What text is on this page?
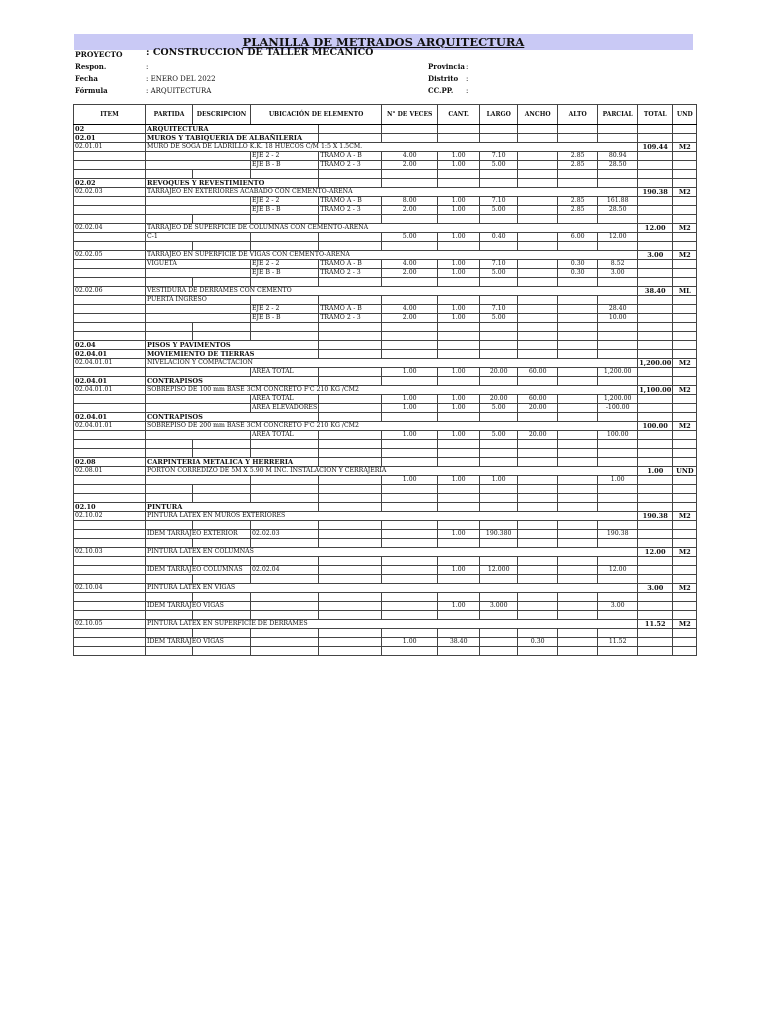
PLANILLA DE METRADOS ARQUITECTURA
PROYECTO : CONSTRUCCION DE TALLER MECANICO
Respon.	:
Fecha	: ENERO DEL 2022
Fórmula	: ARQUITECTURA
Provincia :
Distrito :
CC.PP. :
ITEM	PARTIDA	DESCRIPCION	UBICACIÓN DE ELEMENTO		N° DE VECES	CANT.	LARGO	ANCHO	ALTO	PARCIAL	TOTAL	UND
02	ARQUITECTURA											
02.01	MUROS Y TABIQUERIA DE ALBAÑILERIA											
02.01.01	MURO DE SOGA DE LADRILLO K.K. 18 HUECOS C/M 1:5 X 1.5CM.										109.44	M2
			EJE 2 - 2	TRAMO A - B	4.00	1.00	7.10		2.85	80.94		
			EJE B - B	TRAMO 2 - 3	2.00	1.00	5.00		2.85	28.50		

02.02	REVOQUES Y REVESTIMIENTO											
02.02.03	TARRAJEO EN EXTERIORES ACABADO CON CEMENTO-ARENA										190.38	M2
			EJE 2 - 2	TRAMO A - B	8.00	1.00	7.10		2.85	161.88		
			EJE B - B	TRAMO 2 - 3	2.00	1.00	5.00		2.85	28.50		

02.02.04	TARRAJEO DE SUPERFICIE DE COLUMNAS CON CEMENTO-ARENA										12.00	M2
	C-1				5.00	1.00	0.40		6.00	12.00		

02.02.05	TARRAJEO EN SUPERFICIE DE VIGAS CON CEMENTO-ARENA										3.00	M2
	VIGUETA		EJE 2 - 2	TRAMO A - B	4.00	1.00	7.10		0.30	8.52		
			EJE B - B	TRAMO 2 - 3	2.00	1.00	5.00		0.30	3.00		

02.02.06	VESTIDURA DE DERRAMES CON CEMENTO										38.40	ML
	PUERTA INGRESO											
			EJE 2 - 2	TRAMO A - B	4.00	1.00	7.10			28.40		
			EJE B - B	TRAMO 2 - 3	2.00	1.00	5.00			10.00		

02.04	PISOS Y PAVIMENTOS											
02.04.01	MOVIEMIENTO DE TIERRAS											
02.04.01.01	NIVELACION Y COMPACTACION										1,200.00	M2
			AREA TOTAL		1.00	1.00	20.00	60.00		1,200.00		
02.04.01	CONTRAPISOS											
02.04.01.01	SOBREPISO DE 100 mm BASE 3CM CONCRETO F'C 210 KG /CM2										1,100.00	M2
			AREA TOTAL		1.00	1.00	20.00	60.00		1,200.00		
			AREA ELEVADORES		1.00	1.00	5.00	20.00		-100.00		
02.04.01	CONTRAPISOS											
02.04.01.01	SOBREPISO DE 200 mm BASE 3CM CONCRETO F'C 210 KG /CM2										100.00	M2
			AREA TOTAL		1.00	1.00	5.00	20.00		100.00		

02.08	CARPINTERIA METALICA Y HERRERIA											
02.08.01	PORTON CORREDIZO DE 5M X 5.90 M INC. INSTALACION Y CERRAJERIA										1.00	UND
					1.00	1.00	1.00			1.00		

02.10	PINTURA											
02.10.02	PINTURA LATEX EN MUROS EXTERIORES										190.38	M2

	IDEM TARRAJEO EXTERIOR		02.02.03			1.00	190.380			190.38		

02.10.03	PINTURA LATEX EN COLUMNAS										12.00	M2

	IDEM TARRAJEO COLUMNAS		02.02.04			1.00	12.000			12.00		

02.10.04	PINTURA LATEX EN VIGAS										3.00	M2

	IDEM TARRAJEO VIGAS					1.00	3.000			3.00		

02.10.05	PINTURA LATEX EN SUPERFICIE DE DERRAMES										11.52	M2

	IDEM TARRAJEO VIGAS				1.00	38.40		0.30		11.52		
